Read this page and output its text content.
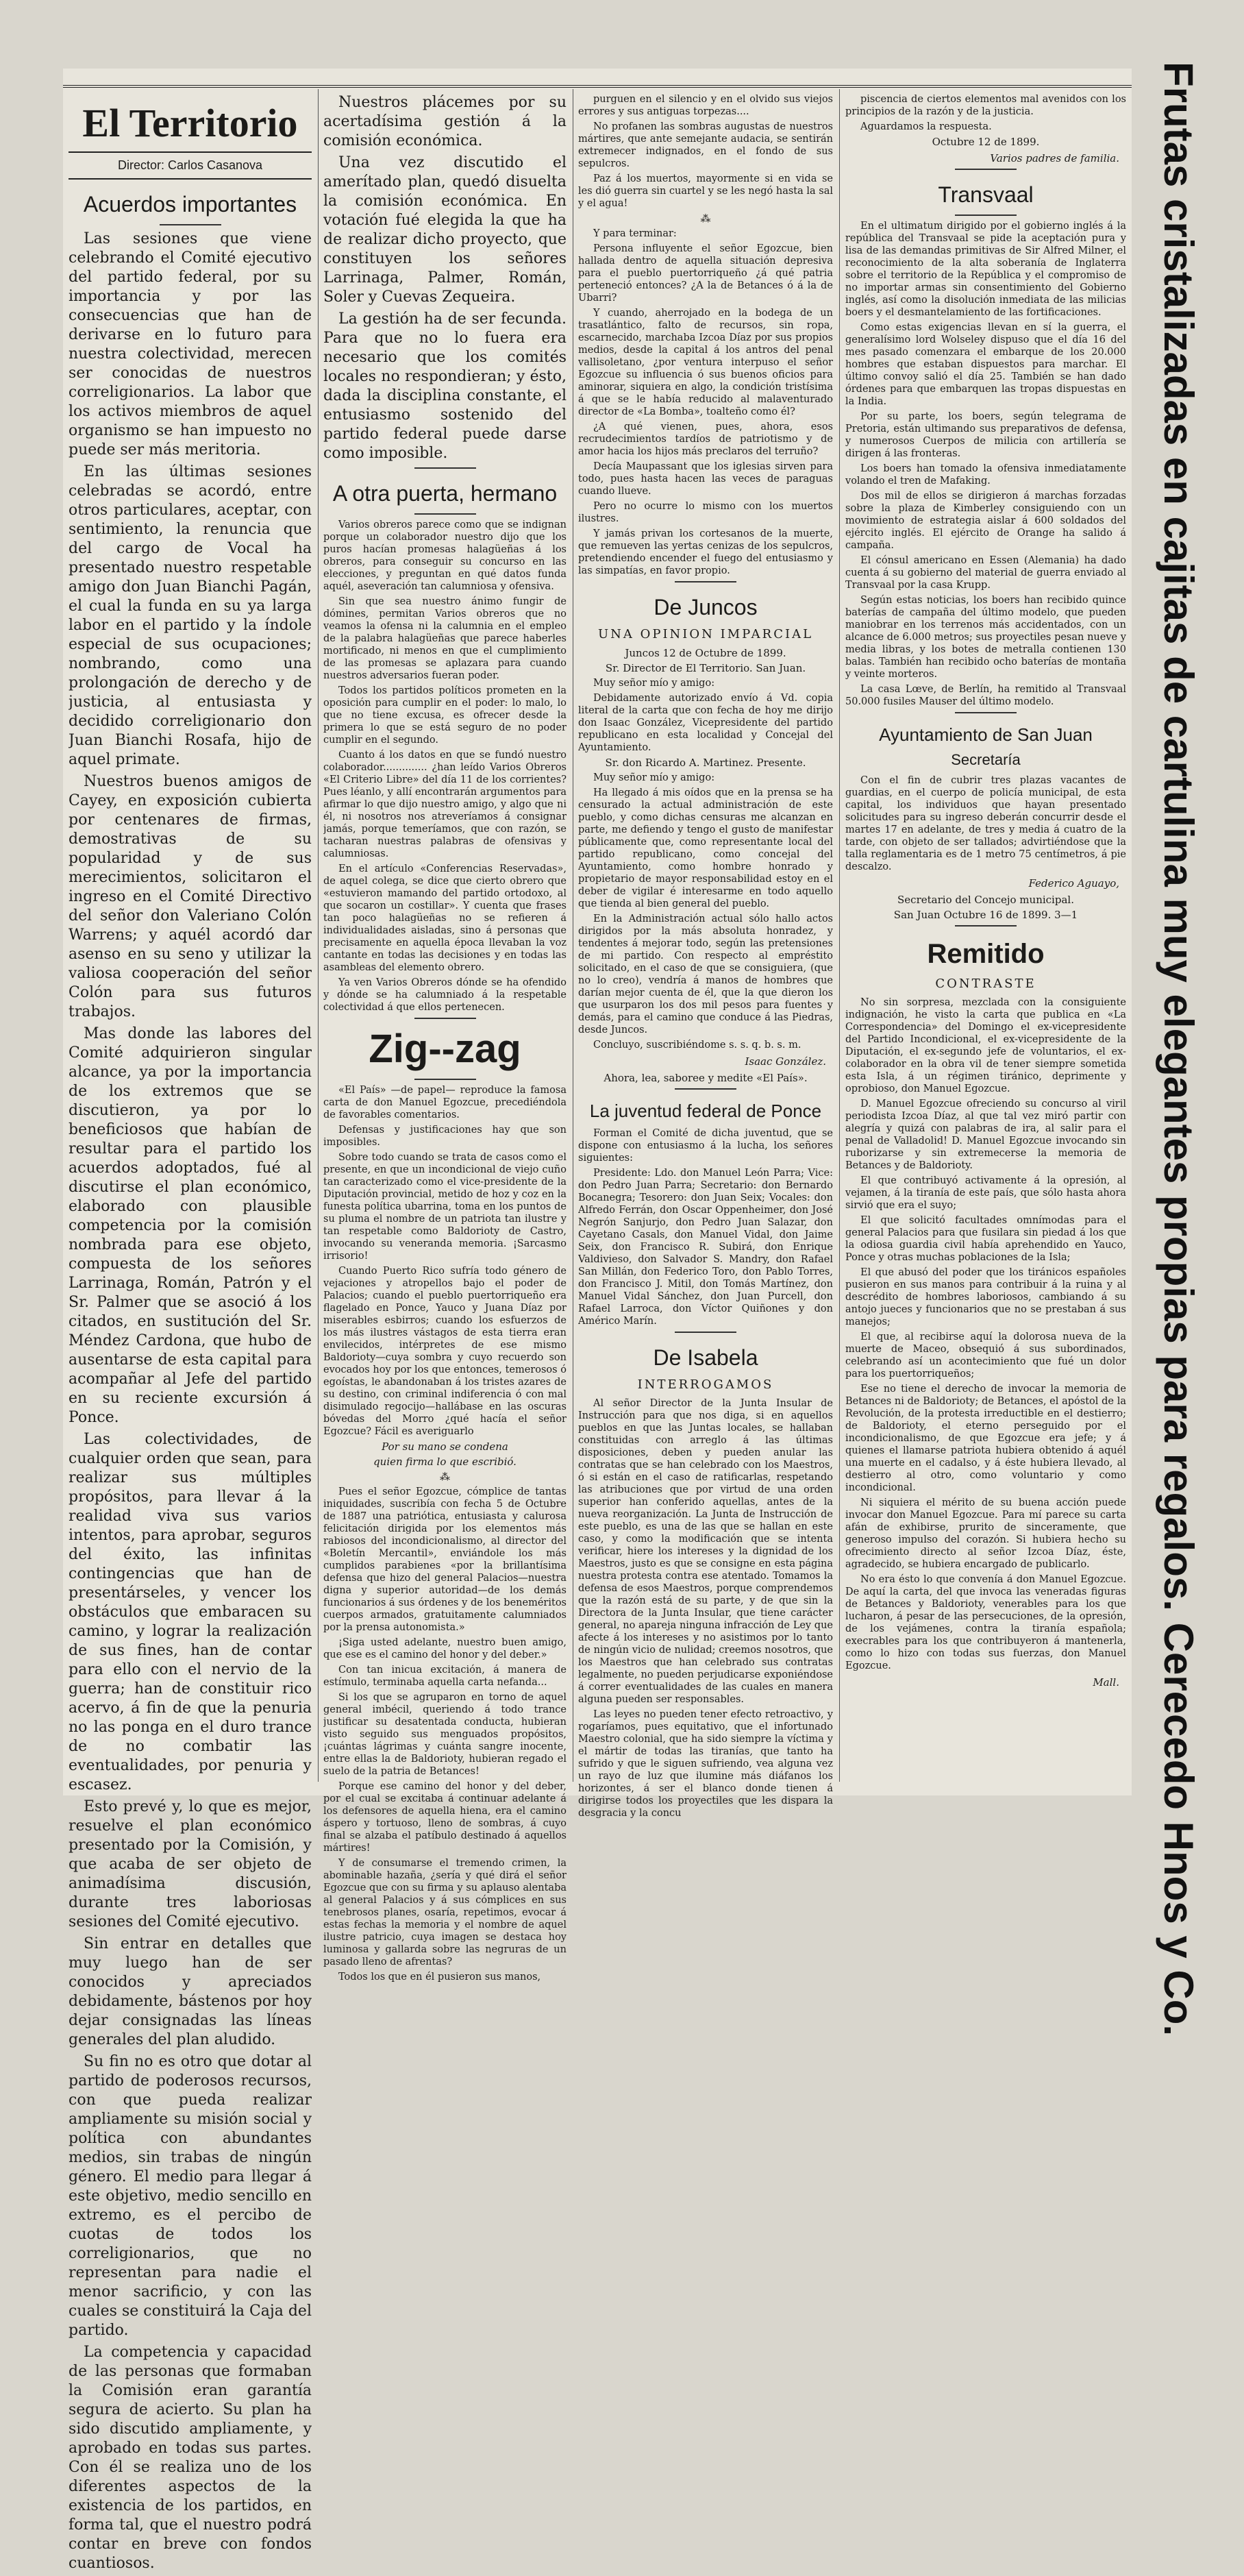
El Territorio
Director: Carlos Casanova
Acuerdos importantes

Las sesiones que viene celebrando el Comité ejecutivo del partido federal, por su importancia y por las consecuencias que han de derivarse en lo futuro para nuestra colectividad, merecen ser conocidas de nuestros correligionarios. La labor que los activos miembros de aquel organismo se han impuesto no puede ser más meritoria.

En las últimas sesiones celebradas se acordó, entre otros particulares, aceptar, con sentimiento, la renuncia que del cargo de Vocal ha presentado nuestro respetable amigo don Juan Bianchi Pagán, el cual la funda en su ya larga labor en el partido y la índole especial de sus ocupaciones; nombrando, como una prolongación de derecho y de justicia, al entusiasta y decidido correligionario don Juan Bianchi Rosafa, hijo de aquel primate.

Nuestros buenos amigos de Cayey, en exposición cubierta por centenares de firmas, demostrativas de su popularidad y de sus merecimientos, solicitaron el ingreso en el Comité Directivo del señor don Valeriano Colón Warrens; y aquél acordó dar asenso en su seno y utilizar la valiosa cooperación del señor Colón para sus futuros trabajos.

Mas donde las labores del Comité adquirieron singular alcance, ya por la importancia de los extremos que se discutieron, ya por lo beneficiosos que habían de resultar para el partido los acuerdos adoptados, fué al discutirse el plan económico, elaborado con plausible competencia por la comisión nombrada para ese objeto, compuesta de los señores Larrinaga, Román, Patrón y el Sr. Palmer que se asoció á los citados, en sustitución del Sr. Méndez Cardona, que hubo de ausentarse de esta capital para acompañar al Jefe del partido en su reciente excursión á Ponce.

Las colectividades, de cualquier orden que sean, para realizar sus múltiples propósitos, para llevar á la realidad viva sus varios intentos, para aprobar, seguros del éxito, las infinitas contingencias que han de presentárseles, y vencer los obstáculos que embaracen su camino, y lograr la realización de sus fines, han de contar para ello con el nervio de la guerra; han de constituir rico acervo, á fin de que la penuria no las ponga en el duro trance de no combatir las eventualidades, por penuria y escasez.

Esto prevé y, lo que es mejor, resuelve el plan económico presentado por la Comisión, y que acaba de ser objeto de animadísima discusión, durante tres laboriosas sesiones del Comité ejecutivo.

Sin entrar en detalles que muy luego han de ser conocidos y apreciados debidamente, bástenos por hoy dejar consignadas las líneas generales del plan aludido.

Su fin no es otro que dotar al partido de poderosos recursos, con que pueda realizar ampliamente su misión social y política con abundantes medios, sin trabas de ningún género. El medio para llegar á este objetivo, medio sencillo en extremo, es el percibo de cuotas de todos los correligionarios, que no representan para nadie el menor sacrificio, y con las cuales se constituirá la Caja del partido.

La competencia y capacidad de las personas que formaban la Comisión eran garantía segura de acierto. Su plan ha sido discutido ampliamente, y aprobado en todas sus partes. Con él se realiza uno de los diferentes aspectos de la existencia de los partidos, en forma tal, que el nuestro podrá contar en breve con fondos cuantiosos.

Nuestros plácemes por su acertadísima gestión á la comisión económica.

Una vez discutido el amerítado plan, quedó disuelta la comisión económica. En votación fué elegida la que ha de realizar dicho proyecto, que constituyen los señores Larrinaga, Palmer, Román, Soler y Cuevas Zequeira.

La gestión ha de ser fecunda. Para que no lo fuera era necesario que los comités locales no respondieran; y ésto, dada la disciplina constante, el entusiasmo sostenido del partido federal puede darse como imposible.

A otra puerta, hermano

Varios obreros parece como que se indignan porque un colaborador nuestro dijo que los puros hacían promesas halagüeñas á los obreros, para conseguir su concurso en las elecciones, y preguntan en qué datos funda aquél, aseveración tan calumniosa y ofensiva.

Sin que sea nuestro ánimo fungir de dómines, permitan Varios obreros que no veamos la ofensa ni la calumnia en el empleo de la palabra halagüeñas que parece haberles mortificado, ni menos en que el cumplimiento de las promesas se aplazara para cuando nuestros adversarios fueran poder.

Todos los partidos políticos prometen en la oposición para cumplir en el poder: lo malo, lo que no tiene excusa, es ofrecer desde la primera lo que se está seguro de no poder cumplir en el segundo.

Cuanto á los datos en que se fundó nuestro colaborador.............. ¿han leído Varios Obreros «El Criterio Libre» del día 11 de los corrientes? Pues léanlo, y allí encontrarán argumentos para afirmar lo que dijo nuestro amigo, y algo que ni él, ni nosotros nos atreveríamos á consignar jamás, porque temeríamos, que con razón, se tacharan nuestras palabras de ofensivas y calumniosas.

En el artículo «Conferencias Reservadas», de aquel colega, se dice que cierto obrero que «estuvieron mamando del partido ortodoxo, al que socaron un costillar». Y cuenta que frases tan poco halagüeñas no se refieren á individualidades aisladas, sino á personas que precisamente en aquella época llevaban la voz cantante en todas las decisiones y en todas las asambleas del elemento obrero.

Ya ven Varios Obreros dónde se ha ofendido y dónde se ha calumniado á la respetable colectividad á que ellos pertenecen.

Zig--zag

«El País» —de papel— reproduce la famosa carta de don Manuel Egozcue, precediéndola de favorables comentarios.

Defensas y justificaciones hay que son imposibles.

Sobre todo cuando se trata de casos como el presente, en que un incondicional de viejo cuño tan caracterizado como el vice-presidente de la Diputación provincial, metido de hoz y coz en la funesta política ubarrina, toma en los puntos de su pluma el nombre de un patriota tan ilustre y tan respetable como Baldorioty de Castro, invocando su veneranda memoria. ¡Sarcasmo irrisorio!

Cuando Puerto Rico sufría todo género de vejaciones y atropellos bajo el poder de Palacios; cuando el pueblo puertorriqueño era flagelado en Ponce, Yauco y Juana Díaz por miserables esbirros; cuando los esfuerzos de los más ilustres vástagos de esta tierra eran envilecidos, intérpretes de ese mismo Baldorioty—cuya sombra y cuyo recuerdo son evocados hoy por los que entonces, temerosos ó egoístas, le abandonaban á los tristes azares de su destino, con criminal indiferencia ó con mal disimulado regocijo—hallábase en las oscuras bóvedas del Morro ¿qué hacía el señor Egozcue? Fácil es averiguarlo

Por su mano se condena
quien firma lo que escribió.
⁂

Pues el señor Egozcue, cómplice de tantas iniquidades, suscribía con fecha 5 de Octubre de 1887 una patriótica, entusiasta y calurosa felicitación dirigida por los elementos más rabiosos del incondicionalismo, al director del «Boletín Mercantil», enviándole los más cumplidos parabienes «por la brillantísima defensa que hizo del general Palacios—nuestra digna y superior autoridad—de los demás funcionarios á sus órdenes y de los beneméritos cuerpos armados, gratuitamente calumniados por la prensa autonomista.»

¡Siga usted adelante, nuestro buen amigo, que ese es el camino del honor y del deber.»

Con tan inicua excitación, á manera de estímulo, terminaba aquella carta nefanda...

Si los que se agruparon en torno de aquel general imbécil, queriendo á todo trance justificar su desatentada conducta, hubieran visto seguido sus menguados propósitos, ¡cuántas lágrimas y cuánta sangre inocente, entre ellas la de Baldorioty, hubieran regado el suelo de la patria de Betances!

Porque ese camino del honor y del deber, por el cual se excitaba á continuar adelante á los defensores de aquella hiena, era el camino áspero y tortuoso, lleno de sombras, á cuyo final se alzaba el patíbulo destinado á aquellos mártires!

Y de consumarse el tremendo crimen, la abominable hazaña, ¿sería y qué dirá el señor Egozcue que con su firma y su aplauso alentaba al general Palacios y á sus cómplices en sus tenebrosos planes, osaría, repetimos, evocar á estas fechas la memoria y el nombre de aquel ilustre patricio, cuya imagen se destaca hoy luminosa y gallarda sobre las negruras de un pasado lleno de afrentas?

Todos los que en él pusieron sus manos,

purguen en el silencio y en el olvido sus viejos errores y sus antiguas torpezas....

No profanen las sombras augustas de nuestros mártires, que ante semejante audacia, se sentirán extremecer indignados, en el fondo de sus sepulcros.

Paz á los muertos, mayormente si en vida se les dió guerra sin cuartel y se les negó hasta la sal y el agua!

⁂

Y para terminar:

Persona influyente el señor Egozcue, bien hallada dentro de aquella situación depresiva para el pueblo puertorriqueño ¿á qué patria perteneció entonces? ¿A la de Betances ó á la de Ubarri?

Y cuando, aherrojado en la bodega de un trasatlántico, falto de recursos, sin ropa, escarnecido, marchaba Izcoa Díaz por sus propios medios, desde la capital á los antros del penal vallisoletano, ¿por ventura interpuso el señor Egozcue su influencia ó sus buenos oficios para aminorar, siquiera en algo, la condición tristísima á que se le había reducido al malaventurado director de «La Bomba», toalteño como él?

¿A qué vienen, pues, ahora, esos recrudecimientos tardíos de patriotismo y de amor hacia los hijos más preclaros del terruño?

Decía Maupassant que los iglesias sirven para todo, pues hasta hacen las veces de paraguas cuando llueve.

Pero no ocurre lo mismo con los muertos ilustres.

Y jamás privan los cortesanos de la muerte, que remueven las yertas cenizas de los sepulcros, pretendiendo encender el fuego del entusiasmo y las simpatías, en favor propio.

De Juncos
UNA OPINION IMPARCIAL
Juncos 12 de Octubre de 1899.
Sr. Director de El Territorio. San Juan.

Muy señor mío y amigo:

Debidamente autorizado envío á Vd. copia literal de la carta que con fecha de hoy me dirijo don Isaac González, Vicepresidente del partido republicano en esta localidad y Concejal del Ayuntamiento.

Sr. don Ricardo A. Martinez. Presente.

Muy señor mío y amigo:

Ha llegado á mis oídos que en la prensa se ha censurado la actual administración de este pueblo, y como dichas censuras me alcanzan en parte, me defiendo y tengo el gusto de manifestar públicamente que, como representante local del partido republicano, como concejal del Ayuntamiento, como hombre honrado y propietario de mayor responsabilidad estoy en el deber de vigilar é interesarme en todo aquello que tienda al bien general del pueblo.

En la Administración actual sólo hallo actos dirigidos por la más absoluta honradez, y tendentes á mejorar todo, según las pretensiones de mi partido. Con respecto al empréstito solicitado, en el caso de que se consiguiera, (que no lo creo), vendría á manos de hombres que darían mejor cuenta de él, que la que dieron los que usurparon los dos mil pesos para fuentes y demás, para el camino que conduce á las Piedras, desde Juncos.

Concluyo, suscribiéndome s. s. q. b. s. m.

Isaac González.
Ahora, lea, saboree y medite «El País».
La juventud federal de Ponce

Forman el Comité de dicha juventud, que se dispone con entusiasmo á la lucha, los señores siguientes:

Presidente: Ldo. don Manuel León Parra; Vice: don Pedro Juan Parra; Secretario: don Bernardo Bocanegra; Tesorero: don Juan Seix; Vocales: don Alfredo Ferrán, don Oscar Oppenheimer, don José Negrón Sanjurjo, don Pedro Juan Salazar, don Cayetano Casals, don Manuel Vidal, don Jaime Seix, don Francisco R. Subirá, don Enrique Valdivieso, don Salvador S. Mandry, don Rafael San Millán, don Federico Toro, don Pablo Torres, don Francisco J. Mitil, don Tomás Martínez, don Manuel Vidal Sánchez, don Juan Purcell, don Rafael Larroca, don Víctor Quiñones y don Américo Marín.

De Isabela
INTERROGAMOS

Al señor Director de la Junta Insular de Instrucción para que nos diga, si en aquellos pueblos en que las Juntas locales, se hallaban constituidas con arreglo á las últimas disposiciones, deben y pueden anular las contratas que se han celebrado con los Maestros, ó si están en el caso de ratificarlas, respetando las atribuciones que por virtud de una orden superior han conferido aquellas, antes de la nueva reorganización. La Junta de Instrucción de este pueblo, es una de las que se hallan en este caso, y como la modificación que se intenta verificar, hiere los intereses y la dignidad de los Maestros, justo es que se consigne en esta página nuestra protesta contra ese atentado. Tomamos la defensa de esos Maestros, porque comprendemos que la razón está de su parte, y de que sin la Directora de la Junta Insular, que tiene carácter general, no apareja ninguna infracción de Ley que afecte á los intereses y no asistimos por lo tanto de ningún vicio de nulidad; creemos nosotros, que los Maestros que han celebrado sus contratas legalmente, no pueden perjudicarse exponiéndose á correr eventualidades de las cuales en manera alguna pueden ser responsables.

Las leyes no pueden tener efecto retroactivo, y rogaríamos, pues equitativo, que el infortunado Maestro colonial, que ha sido siempre la víctima y el mártir de todas las tiranías, que tanto ha sufrido y que le siguen sufriendo, vea alguna vez un rayo de luz que ilumine más diáfanos los horizontes, á ser el blanco donde tienen á dirigirse todos los proyectiles que les dispara la desgracia y la concu

piscencia de ciertos elementos mal avenidos con los principios de la razón y de la justicia.

Aguardamos la respuesta.

Octubre 12 de 1899.
Varios padres de familia.
Transvaal

En el ultimatum dirigido por el gobierno inglés á la república del Transvaal se pide la aceptación pura y lisa de las demandas primitivas de Sir Alfred Milner, el reconocimiento de la alta soberanía de Inglaterra sobre el territorio de la República y el compromiso de no importar armas sin consentimiento del Gobierno inglés, así como la disolución inmediata de las milicias boers y el desmantelamiento de las fortificaciones.

Como estas exigencias llevan en sí la guerra, el generalísimo lord Wolseley dispuso que el día 16 del mes pasado comenzara el embarque de los 20.000 hombres que estaban dispuestos para marchar. El último convoy salió el día 25. También se han dado órdenes para que embarquen las tropas dispuestas en la India.

Por su parte, los boers, según telegrama de Pretoria, están ultimando sus preparativos de defensa, y numerosos Cuerpos de milicia con artillería se dirigen á las fronteras.

Los boers han tomado la ofensiva inmediatamente volando el tren de Mafaking.

Dos mil de ellos se dirigieron á marchas forzadas sobre la plaza de Kimberley consiguiendo con un movimiento de estrategia aislar á 600 soldados del ejército inglés. El ejército de Orange ha salido á campaña.

El cónsul americano en Essen (Alemania) ha dado cuenta á su gobierno del material de guerra enviado al Transvaal por la casa Krupp.

Según estas noticias, los boers han recibido quince baterías de campaña del último modelo, que pueden maniobrar en los terrenos más accidentados, con un alcance de 6.000 metros; sus proyectiles pesan nueve y media libras, y los botes de metralla contienen 130 balas. También han recibido ocho baterías de montaña y veinte morteros.

La casa Lœve, de Berlín, ha remitido al Transvaal 50.000 fusiles Mauser del último modelo.

Ayuntamiento de San Juan
Secretaría

Con el fin de cubrir tres plazas vacantes de guardias, en el cuerpo de policía municipal, de esta capital, los individuos que hayan presentado solicitudes para su ingreso deberán concurrir desde el martes 17 en adelante, de tres y media á cuatro de la tarde, con objeto de ser tallados; advirtiéndose que la talla reglamentaria es de 1 metro 75 centímetros, á pie descalzo.

Federico Aguayo,
Secretario del Concejo municipal.
San Juan Octubre 16 de 1899. 3—1
Remitido
CONTRASTE

No sin sorpresa, mezclada con la consiguiente indignación, he visto la carta que publica en «La Correspondencia» del Domingo el ex-vicepresidente del Partido Incondicional, el ex-vicepresidente de la Diputación, el ex-segundo jefe de voluntarios, el ex-colaborador en la obra vil de tener siempre sometida esta Isla, á un régimen tiránico, deprimente y oprobioso, don Manuel Egozcue.

D. Manuel Egozcue ofreciendo su concurso al viril periodista Izcoa Díaz, al que tal vez miró partir con alegría y quizá con palabras de ira, al salir para el penal de Valladolid! D. Manuel Egozcue invocando sin ruborizarse y sin extremecerse la memoria de Betances y de Baldorioty.

El que contribuyó activamente á la opresión, al vejamen, á la tiranía de este país, que sólo hasta ahora sirvió que era el suyo;

El que solicitó facultades omnímodas para el general Palacios para que fusilara sin piedad á los que la odiosa guardia civil había aprehendido en Yauco, Ponce y otras muchas poblaciones de la Isla;

El que abusó del poder que los tiránicos españoles pusieron en sus manos para contribuir á la ruina y al descrédito de hombres laboriosos, cambiando á su antojo jueces y funcionarios que no se prestaban á sus manejos;

El que, al recibirse aquí la dolorosa nueva de la muerte de Maceo, obsequió á sus subordinados, celebrando así un acontecimiento que fué un dolor para los puertorriqueños;

Ese no tiene el derecho de invocar la memoria de Betances ni de Baldorioty; de Betances, el apóstol de la Revolución, de la protesta irreductible en el destierro; de Baldorioty, el eterno perseguido por el incondicionalismo, de que Egozcue era jefe; y á quienes el llamarse patriota hubiera obtenido á aquél una muerte en el cadalso, y á éste hubiera llevado, al destierro al otro, como voluntario y como incondicional.

Ni siquiera el mérito de su buena acción puede invocar don Manuel Egozcue. Para mí parece su carta afán de exhibirse, prurito de sinceramente, que generoso impulso del corazón. Si hubiera hecho su ofrecimiento directo al señor Izcoa Díaz, éste, agradecido, se hubiera encargado de publicarlo.

No era ésto lo que convenía á don Manuel Egozcue. De aquí la carta, del que invoca las veneradas figuras de Betances y Baldorioty, venerables para los que lucharon, á pesar de las persecuciones, de la opresión, de los vejámenes, contra la tiranía española; execrables para los que contribuyeron á mantenerla, como lo hizo con todas sus fuerzas, don Manuel Egozcue.

Mall. Frutas cristalizadas en cajitas de cartulina muy elegantes propias para regalos. Cerecedo Hnos y Co.
